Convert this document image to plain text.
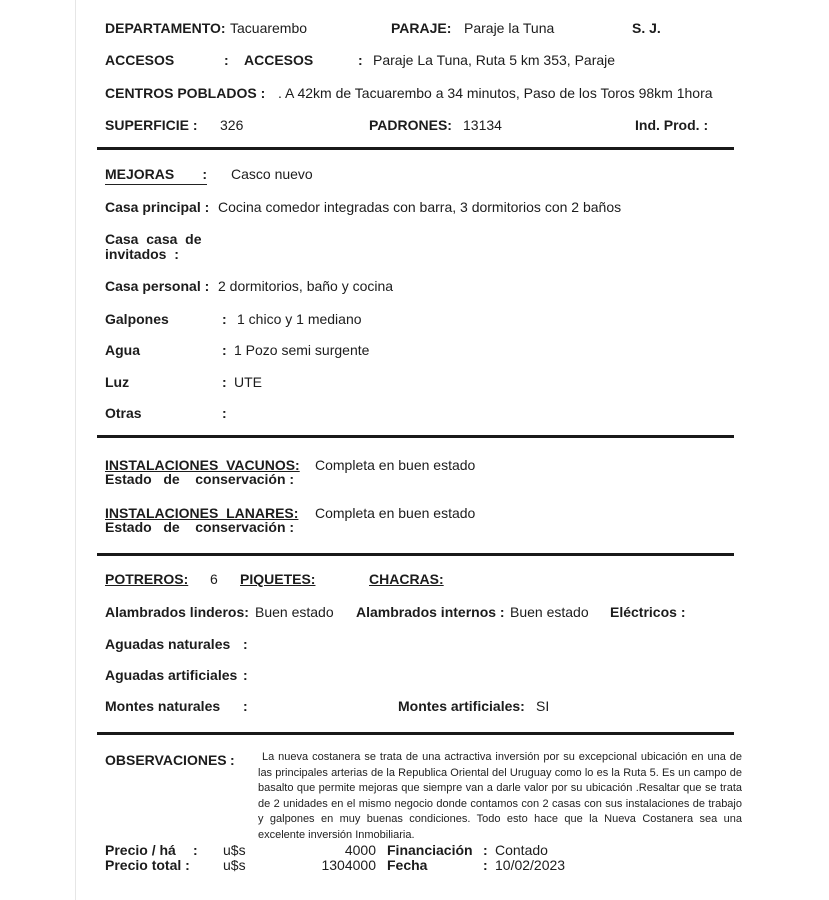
DEPARTAMENTO: Tacuarembo	PARAJE: Paraje la Tuna	S. J.
ACCESOS	: ACCESOS	: Paraje La Tuna, Ruta 5 km 353, Paraje
CENTROS POBLADOS : . A 42km de Tacuarembo a 34 minutos, Paso de los Toros 98km 1hora
SUPERFICIE : 326	PADRONES: 13134	Ind. Prod. :
MEJORAS : Casco nuevo
Casa principal : Cocina comedor integradas con barra, 3 dormitorios con 2 baños
Casa  casa  de
invitados  :
Casa personal : 2 dormitorios, baño y cocina
Galpones	: 1 chico y 1 mediano
Agua	: 1 Pozo semi surgente
Luz	: UTE
Otras	:
INSTALACIONES  VACUNOS: Completa en buen estado
Estado   de    conservación :
INSTALACIONES  LANARES: Completa en buen estado
Estado   de    conservación :
POTREROS: 6 PIQUETES:	CHACRAS:
Alambrados linderos: Buen estado Alambrados internos : Buen estado Eléctricos :
Aguadas naturales :
Aguadas artificiales :
Montes naturales :	Montes artificiales: SI
OBSERVACIONES :	La nueva costanera se trata de una actractiva inversión por su excepcional ubicación en una de las principales arterias de la Republica Oriental del Uruguay como lo es la Ruta 5. Es un campo de basalto que permite mejoras que siempre van a darle valor por su ubicación .Resaltar que se trata de 2 unidades en el mismo negocio donde contamos con 2 casas con sus instalaciones de trabajo y galpones en muy buenas condiciones. Todo esto hace que la Nueva Costanera sea una excelente inversión Inmobiliaria.
Precio / há : u$s	4000 Financiación : Contado
Precio total : u$s	1304000 Fecha	: 10/02/2023
